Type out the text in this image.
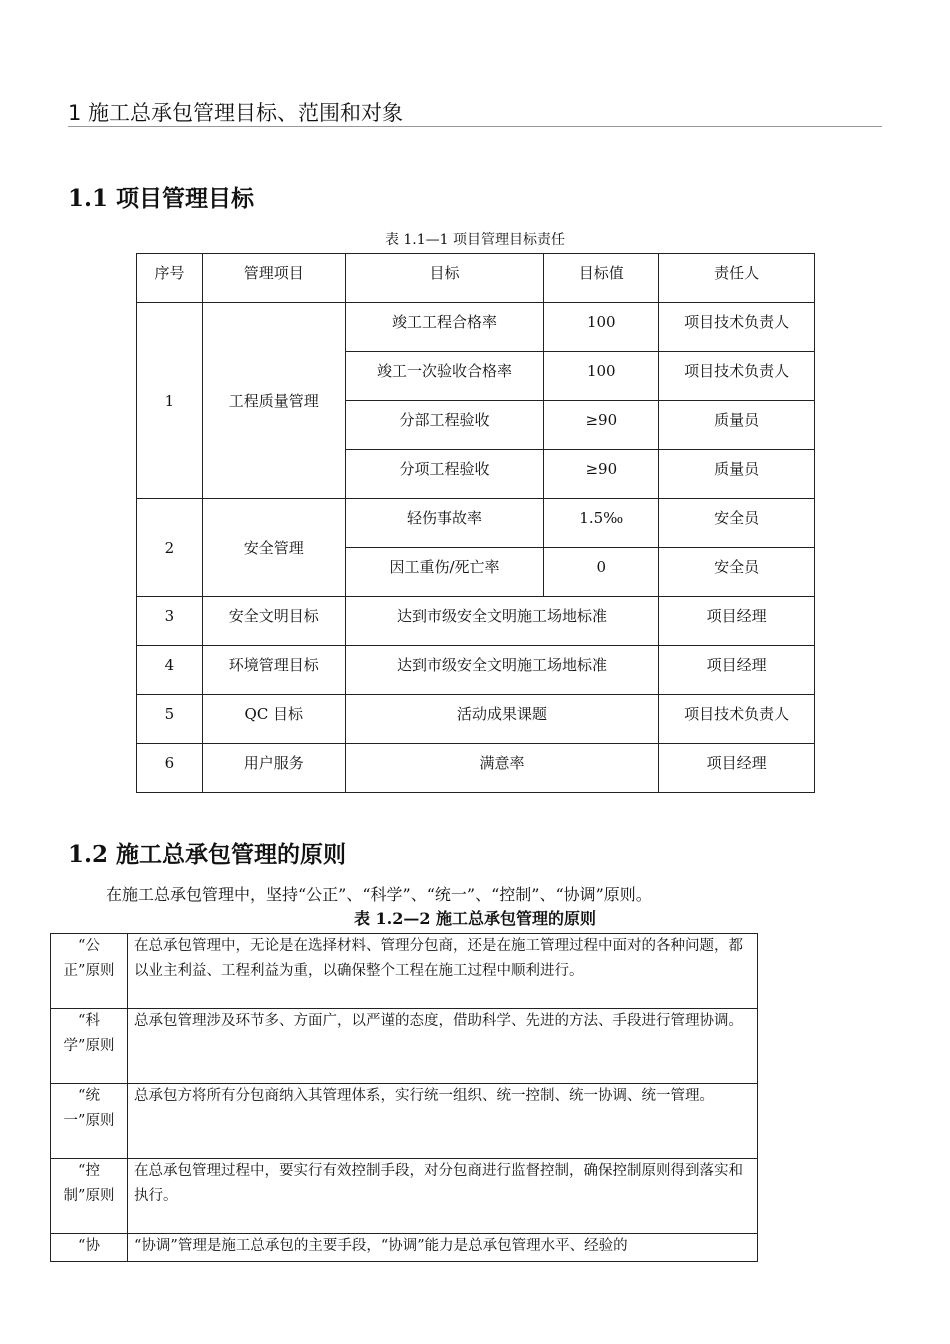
1 施工总承包管理目标、范围和对象
1.1 项目管理目标
表 1.1—1 项目管理目标责任
序号	管理项目	目标	目标值	责任人
1	工程质量管理	竣工工程合格率	100	项目技术负责人
		竣工一次验收合格率	100	项目技术负责人
		分部工程验收	≥90	质量员
		分项工程验收	≥90	质量员
2	安全管理	轻伤事故率	1.5‰	安全员
		因工重伤/死亡率	0	安全员
3	安全文明目标	达到市级安全文明施工场地标准		项目经理
4	环境管理目标	达到市级安全文明施工场地标准		项目经理
5	QC 目标	活动成果课题		项目技术负责人
6	用户服务	满意率		项目经理
1.2 施工总承包管理的原则
在施工总承包管理中，坚持“公正”、“科学”、“统一”、“控制”、“协调”原则。
表 1.2—2 施工总承包管理的原则
“公正”原则	在总承包管理中，无论是在选择材料、管理分包商，还是在施工管理过程中面对的各种问题，都以业主利益、工程利益为重，以确保整个工程在施工过程中顺利进行。
“科学”原则	总承包管理涉及环节多、方面广，以严谨的态度，借助科学、先进的方法、手段进行管理协调。
“统一”原则	总承包方将所有分包商纳入其管理体系，实行统一组织、统一控制、统一协调、统一管理。
“控制”原则	在总承包管理过程中，要实行有效控制手段，对分包商进行监督控制，确保控制原则得到落实和执行。
“协	“协调”管理是施工总承包的主要手段，“协调”能力是总承包管理水平、经验的
